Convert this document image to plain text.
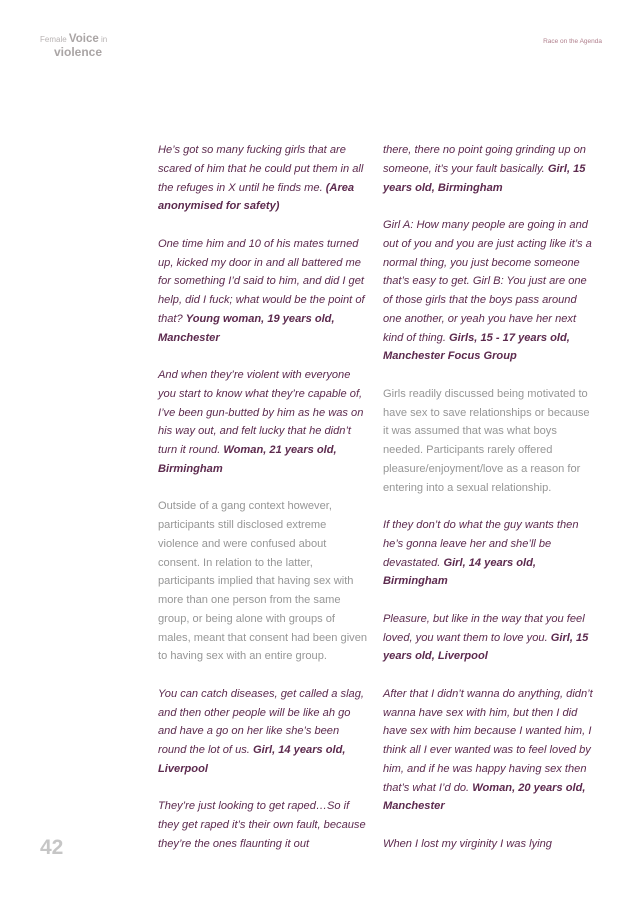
Female Voice in
violence
Race on the Agenda

He’s got so many fucking girls that are scared of him that he could put them in all the refuges in X until he finds me. (Area anonymised for safety)

One time him and 10 of his mates turned up, kicked my door in and all battered me for something I’d said to him, and did I get help, did I fuck; what would be the point of that? Young woman, 19 years old, Manchester

And when they’re violent with everyone you start to know what they’re capable of, I’ve been gun-butted by him as he was on his way out, and felt lucky that he didn’t turn it round. Woman, 21 years old, Birmingham

Outside of a gang context however, participants still disclosed extreme violence and were confused about consent. In relation to the latter, participants implied that having sex with more than one person from the same group, or being alone with groups of males, meant that consent had been given to having sex with an entire group.

You can catch diseases, get called a slag, and then other people will be like ah go and have a go on her like she’s been round the lot of us. Girl, 14 years old, Liverpool

They’re just looking to get raped…So if they get raped it’s their own fault, because they’re the ones flaunting it out

there, there no point going grinding up on someone, it’s your fault basically. Girl, 15 years old, Birmingham

Girl A: How many people are going in and out of you and you are just acting like it’s a normal thing, you just become someone that’s easy to get. Girl B: You just are one of those girls that the boys pass around one another, or yeah you have her next kind of thing. Girls, 15 - 17 years old, Manchester Focus Group

Girls readily discussed being motivated to have sex to save relationships or because it was assumed that was what boys needed. Participants rarely offered pleasure/enjoyment/love as a reason for entering into a sexual relationship.

If they don’t do what the guy wants then he’s gonna leave her and she’ll be devastated. Girl, 14 years old, Birmingham

Pleasure, but like in the way that you feel loved, you want them to love you. Girl, 15 years old, Liverpool

After that I didn’t wanna do anything, didn’t wanna have sex with him, but then I did have sex with him because I wanted him, I think all I ever wanted was to feel loved by him, and if he was happy having sex then that’s what I’d do. Woman, 20 years old, Manchester

When I lost my virginity I was lying

42
